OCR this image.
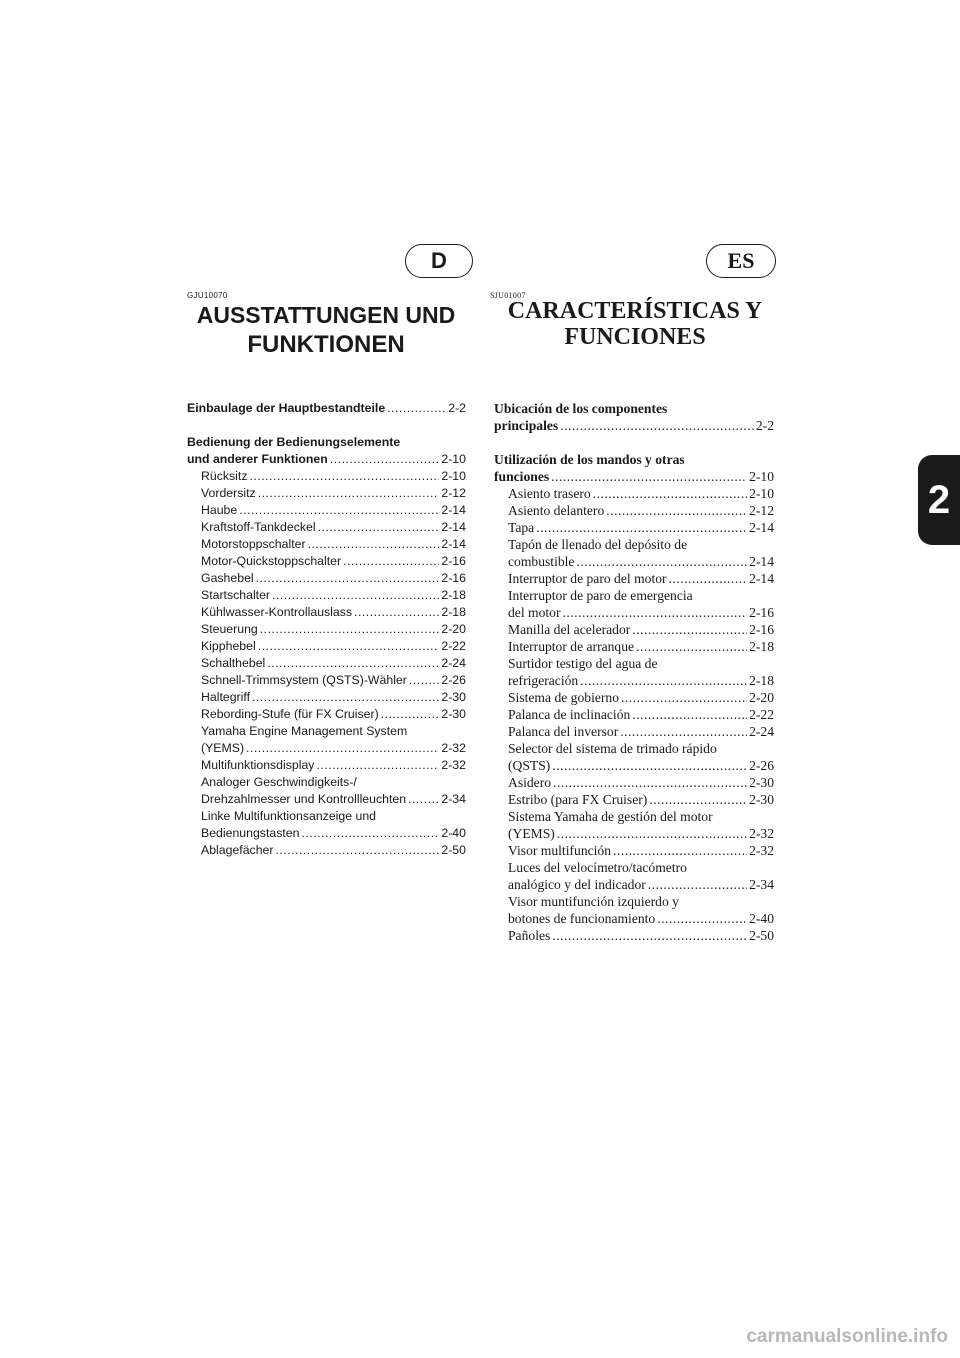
D	ES
GJU10070	SJU01007
AUSSTATTUNGEN UND
FUNKTIONEN
CARACTERÍSTICAS Y
FUNCIONES
Einbaulage der Hauptbestandteile .....	2-2
Bedienung der Bedienungselemente
und anderer Funktionen .....	2-10
Rücksitz .....	2-10
Vordersitz .....	2-12
Haube .....	2-14
Kraftstoff-Tankdeckel .....	2-14
Motorstoppschalter .....	2-14
Motor-Quickstoppschalter .....	2-16
Gashebel .....	2-16
Startschalter .....	2-18
Kühlwasser-Kontrollauslass .....	2-18
Steuerung .....	2-20
Kipphebel .....	2-22
Schalthebel .....	2-24
Schnell-Trimmsystem (QSTS)-Wähler .....	2-26
Haltegriff .....	2-30
Rebording-Stufe (für FX Cruiser) .....	2-30
Yamaha Engine Management System
(YEMS) .....	2-32
Multifunktionsdisplay .....	2-32
Analoger Geschwindigkeits-/
Drehzahlmesser und Kontrollleuchten .....	2-34
Linke Multifunktionsanzeige und
Bedienungstasten .....	2-40
Ablagefächer .....	2-50
Ubicación de los componentes
principales .....	2-2
Utilización de los mandos y otras
funciones .....	2-10
Asiento trasero .....	2-10
Asiento delantero .....	2-12
Tapa .....	2-14
Tapón de llenado del depósito de
combustible .....	2-14
Interruptor de paro del motor .....	2-14
Interruptor de paro de emergencia
del motor .....	2-16
Manilla del acelerador .....	2-16
Interruptor de arranque .....	2-18
Surtidor testigo del agua de
refrigeración .....	2-18
Sistema de gobierno .....	2-20
Palanca de inclinación .....	2-22
Palanca del inversor .....	2-24
Selector del sistema de trimado rápido
(QSTS) .....	2-26
Asidero .....	2-30
Estribo (para FX Cruiser) .....	2-30
Sistema Yamaha de gestión del motor
(YEMS) .....	2-32
Visor multifunción .....	2-32
Luces del velocímetro/tacómetro
analógico y del indicador .....	2-34
Visor muntifunción izquierdo y
botones de funcionamiento .....	2-40
Pañoles .....	2-50
2
carmanualsonline.info
